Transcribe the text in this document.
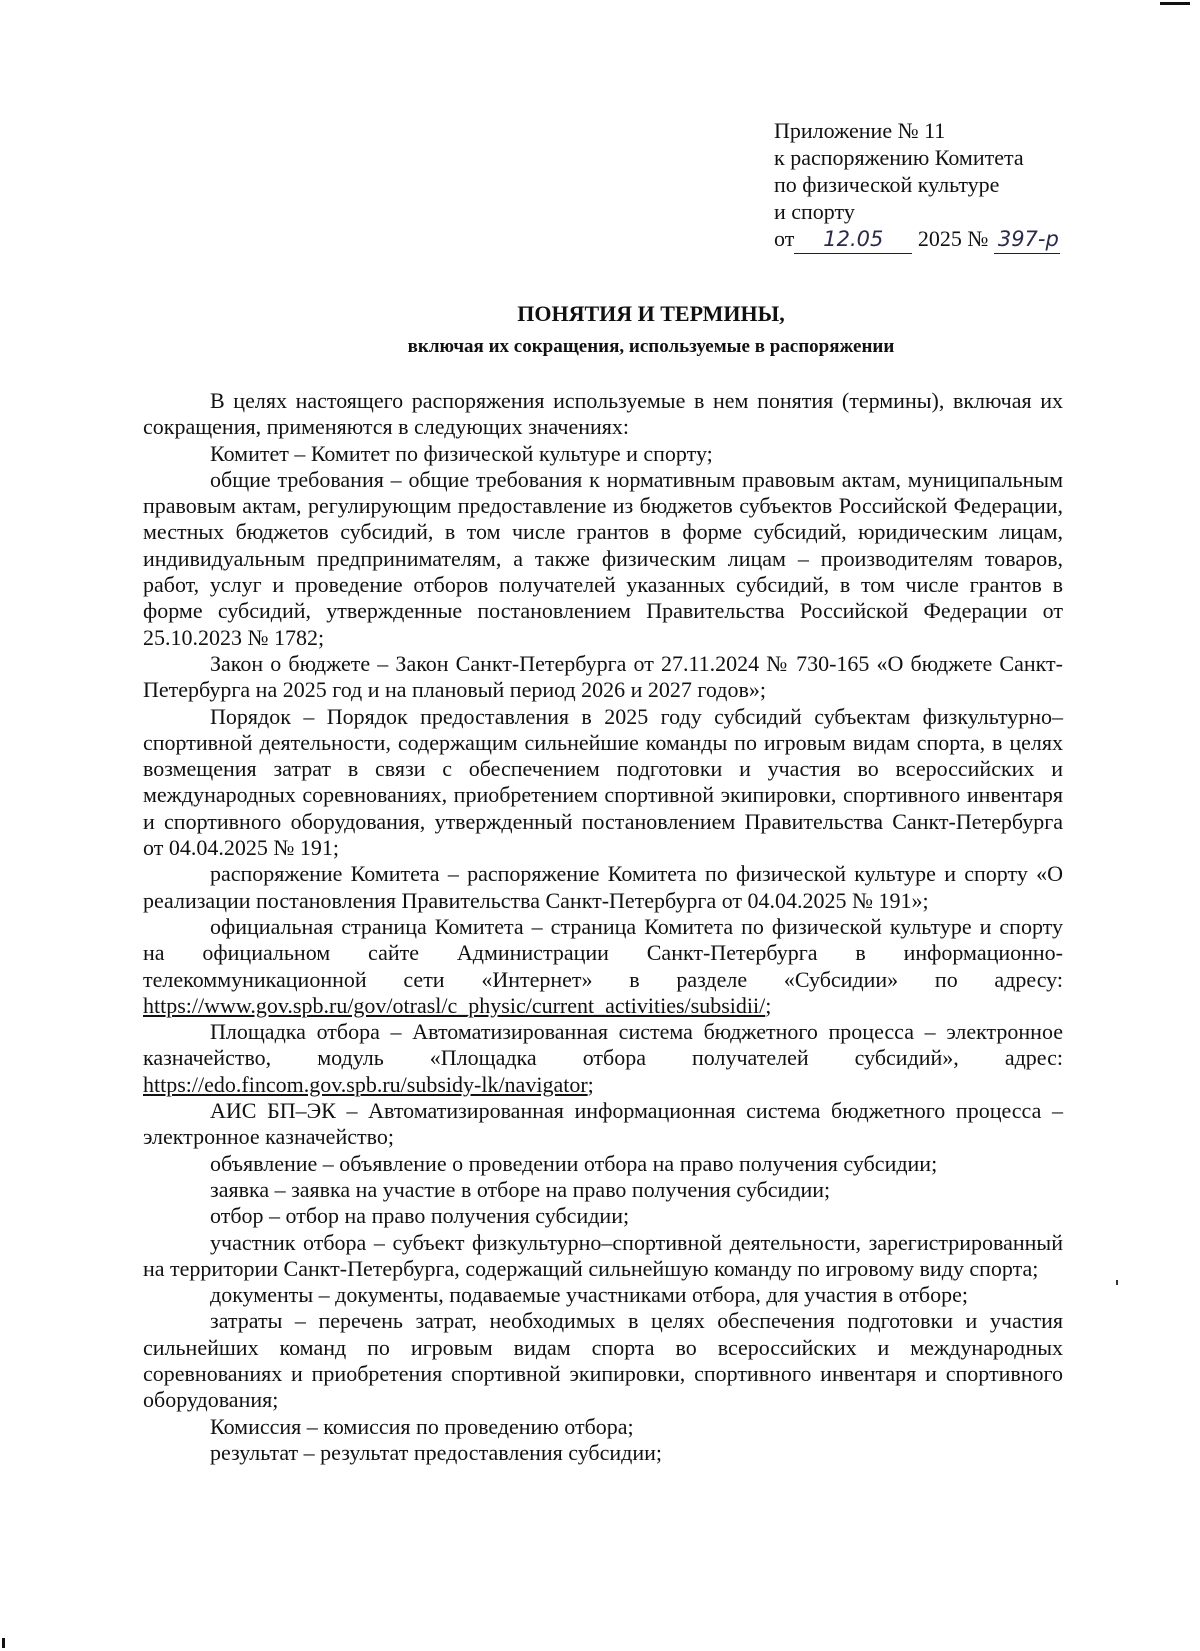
Приложение № 11
к распоряжению Комитета
по физической культуре
и спорту
от 12.05 2025 № 397-р
ПОНЯТИЯ И ТЕРМИНЫ,
включая их сокращения, используемые в распоряжении

В целях настоящего распоряжения используемые в нем понятия (термины), включая их сокращения, применяются в следующих значениях:

Комитет – Комитет по физической культуре и спорту;

общие требования – общие требования к нормативным правовым актам, муниципальным правовым актам, регулирующим предоставление из бюджетов субъектов Российской Федерации, местных бюджетов субсидий, в том числе грантов в форме субсидий, юридическим лицам, индивидуальным предпринимателям, а также физическим лицам – производителям товаров, работ, услуг и проведение отборов получателей указанных субсидий, в том числе грантов в форме субсидий, утвержденные постановлением Правительства Российской Федерации от 25.10.2023 № 1782;

Закон о бюджете – Закон Санкт-Петербурга от 27.11.2024 № 730-165 «О бюджете Санкт-Петербурга на 2025 год и на плановый период 2026 и 2027 годов»;

Порядок – Порядок предоставления в 2025 году субсидий субъектам физкультурно–спортивной деятельности, содержащим сильнейшие команды по игровым видам спорта, в целях возмещения затрат в связи с обеспечением подготовки и участия во всероссийских и международных соревнованиях, приобретением спортивной экипировки, спортивного инвентаря и спортивного оборудования, утвержденный постановлением Правительства Санкт-Петербурга от 04.04.2025 № 191;

распоряжение Комитета – распоряжение Комитета по физической культуре и спорту «О реализации постановления Правительства Санкт-Петербурга от 04.04.2025 № 191»;

официальная страница Комитета – страница Комитета по физической культуре и спорту на официальном сайте Администрации Санкт-Петербурга в информационно-телекоммуникационной сети «Интернет» в разделе «Субсидии» по адресу: https://www.gov.spb.ru/gov/otrasl/c_physic/current_activities/subsidii/;

Площадка отбора – Автоматизированная система бюджетного процесса – электронное казначейство, модуль «Площадка отбора получателей субсидий», адрес: https://edo.fincom.gov.spb.ru/subsidy-lk/navigator;

АИС БП–ЭК – Автоматизированная информационная система бюджетного процесса – электронное казначейство;

объявление – объявление о проведении отбора на право получения субсидии;

заявка – заявка на участие в отборе на право получения субсидии;

отбор – отбор на право получения субсидии;

участник отбора – субъект физкультурно–спортивной деятельности, зарегистрированный на территории Санкт-Петербурга, содержащий сильнейшую команду по игровому виду спорта;

документы – документы, подаваемые участниками отбора, для участия в отборе;

затраты – перечень затрат, необходимых в целях обеспечения подготовки и участия сильнейших команд по игровым видам спорта во всероссийских и международных соревнованиях и приобретения спортивной экипировки, спортивного инвентаря и спортивного оборудования;

Комиссия – комиссия по проведению отбора;

результат – результат предоставления субсидии;
